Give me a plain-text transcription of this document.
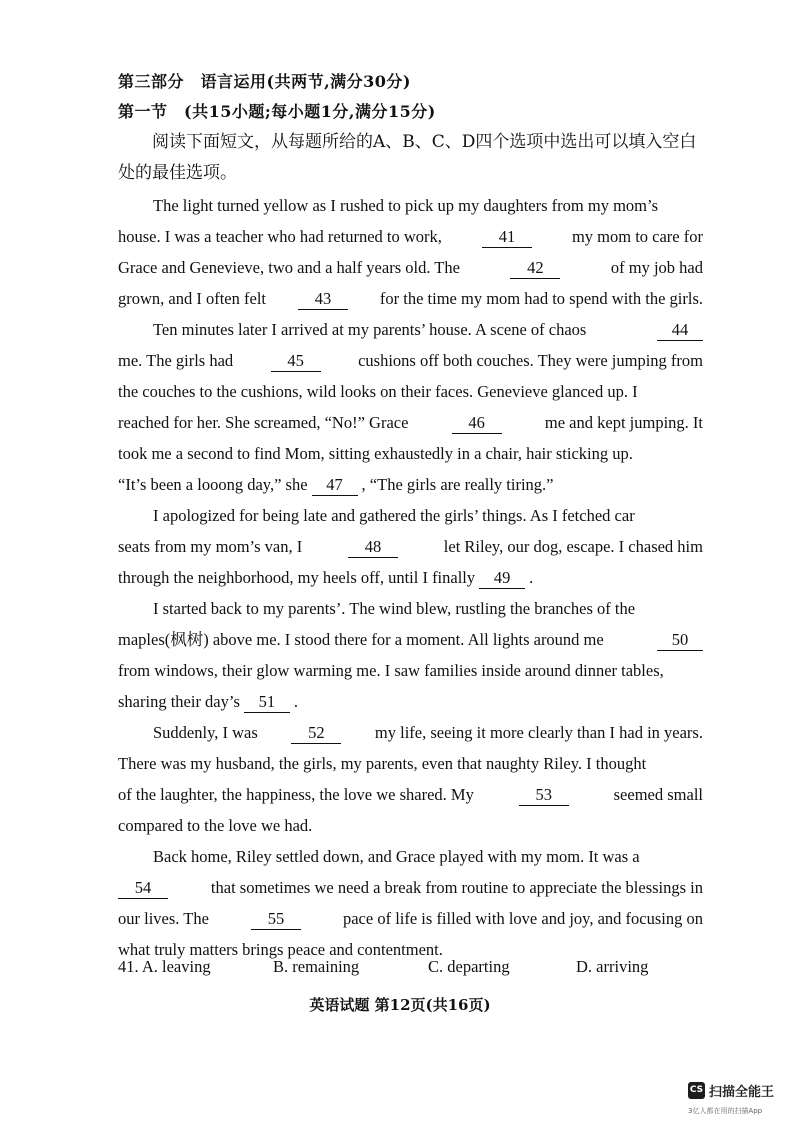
第三部分　语言运用(共两节,满分30分)
第一节　(共15小题;每小题1分,满分15分)

阅读下面短文，从每题所给的A、B、C、D四个选项中选出可以填入空白处的最佳选项。

The light turned yellow as I rushed to pick up my daughters from my mom’s
house. I was a teacher who had returned to work,	41	my mom to care for
Grace and Genevieve, two and a half years old. The	42	of my job had
grown, and I often felt	43	for the time my mom had to spend with the girls.
Ten minutes later I arrived at my parents’ house. A scene of chaos	44
me. The girls had	45	cushions off both couches. They were jumping from
the couches to the cushions, wild looks on their faces. Genevieve glanced up. I
reached for her. She screamed, “No!” Grace	46	me and kept jumping. It
took me a second to find Mom, sitting exhaustedly in a chair, hair sticking up.
“It’s been a looong day,” she	47	, “The girls are really tiring.”
I apologized for being late and gathered the girls’ things. As I fetched car
seats from my mom’s van, I	48	let Riley, our dog, escape. I chased him
through the neighborhood, my heels off, until I finally	49	.
I started back to my parents’. The wind blew, rustling the branches of the
maples(枫树) above me. I stood there for a moment. All lights around me	50
from windows, their glow warming me. I saw families inside around dinner tables,
sharing their day’s	51	.
Suddenly, I was	52	my life, seeing it more clearly than I had in years.
There was my husband, the girls, my parents, even that naughty Riley. I thought
of the laughter, the happiness, the love we shared. My	53	seemed small
compared to the love we had.
Back home, Riley settled down, and Grace played with my mom. It was a
54	that sometimes we need a break from routine to appreciate the blessings in
our lives. The	55	pace of life is filled with love and joy, and focusing on
what truly matters brings peace and contentment.
41. A. leaving	B. remaining	C. departing	D. arriving
英语试题 第12页(共16页)
CS 扫描全能王
3亿人都在用的扫描App
